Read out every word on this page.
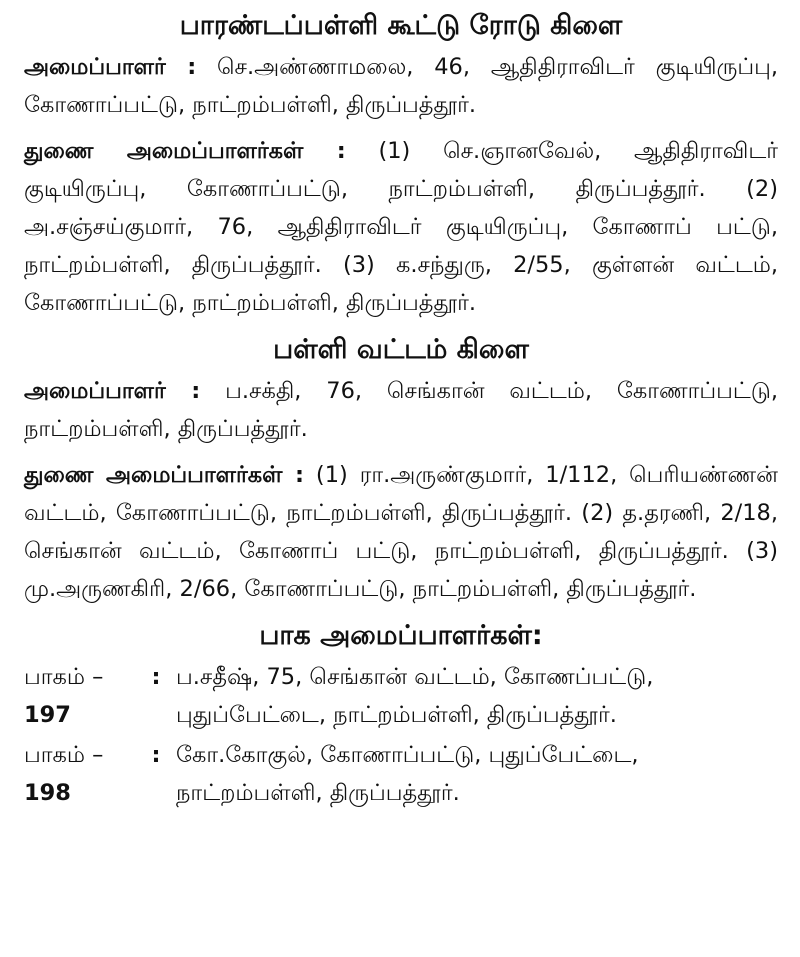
பாரண்டப்பள்ளி கூட்டு ரோடு கிளை

அமைப்பாளர் : செ.அண்ணாமலை, 46, ஆதிதிராவிடர் குடியிருப்பு, கோணாப்பட்டு, நாட்றம்பள்ளி, திருப்பத்தூர்.

துணை அமைப்பாளர்கள் : (1) செ.ஞானவேல், ஆதிதிராவிடர் குடியிருப்பு, கோணாப்பட்டு, நாட்றம்பள்ளி, திருப்பத்தூர். (2) அ.சஞ்சய்குமார், 76, ஆதிதிராவிடர் குடியிருப்பு, கோணாப் பட்டு, நாட்றம்பள்ளி, திருப்பத்தூர். (3) க.சந்துரு, 2/55, குள்ளன் வட்டம், கோணாப்பட்டு, நாட்றம்பள்ளி, திருப்பத்தூர்.

பள்ளி வட்டம் கிளை

அமைப்பாளர் : ப.சக்தி, 76, செங்கான் வட்டம், கோணாப்பட்டு, நாட்றம்பள்ளி, திருப்பத்தூர்.

துணை அமைப்பாளர்கள் : (1) ரா.அருண்குமார், 1/112, பெரியண்ணன் வட்டம், கோணாப்பட்டு, நாட்றம்பள்ளி, திருப்பத்தூர். (2) த.தரணி, 2/18, செங்கான் வட்டம், கோணாப் பட்டு, நாட்றம்பள்ளி, திருப்பத்தூர். (3) மு.அருணகிரி, 2/66, கோணாப்பட்டு, நாட்றம்பள்ளி, திருப்பத்தூர்.

பாக அமைப்பாளர்கள்:
பாகம் – 197
: ப.சதீஷ், 75, செங்கான் வட்டம், கோணப்பட்டு, புதுப்பேட்டை, நாட்றம்பள்ளி, திருப்பத்தூர்.
பாகம் – 198
: கோ.கோகுல், கோணாப்பட்டு, புதுப்பேட்டை, நாட்றம்பள்ளி, திருப்பத்தூர்.
